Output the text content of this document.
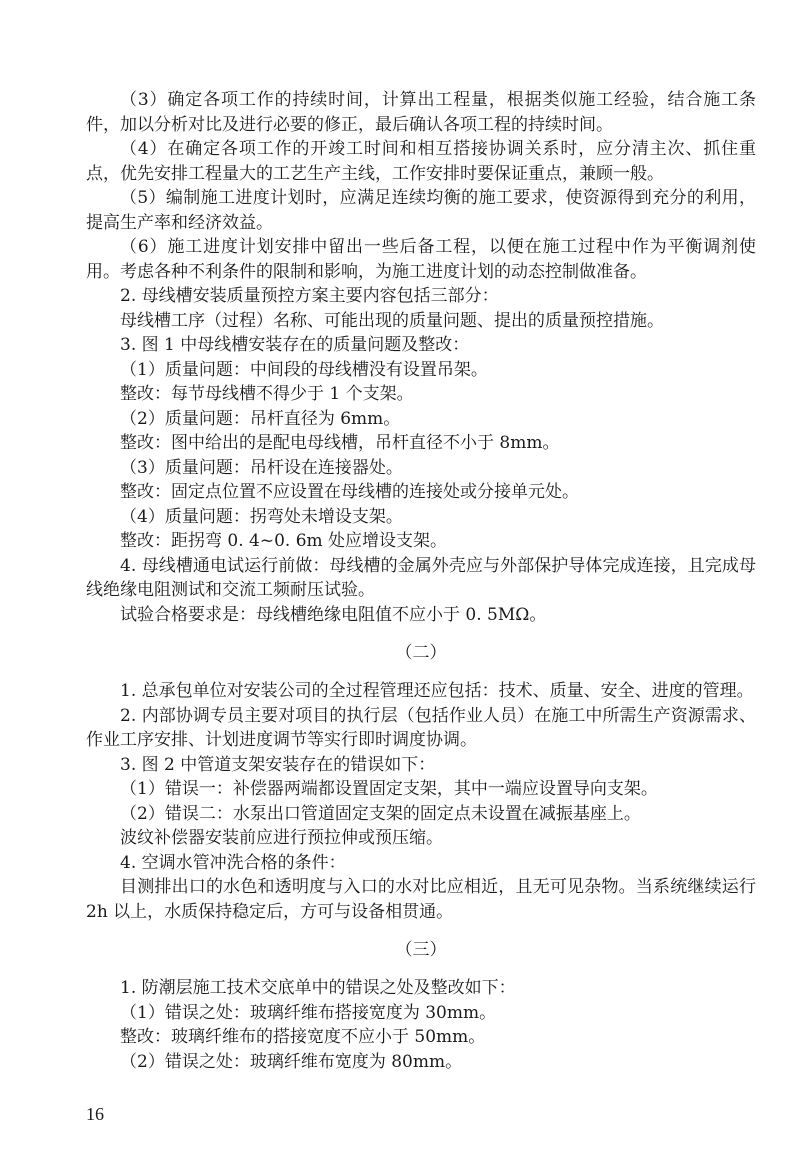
（3）确定各项工作的持续时间，计算出工程量，根据类似施工经验，结合施工条件，加以分析对比及进行必要的修正，最后确认各项工程的持续时间。

（4）在确定各项工作的开竣工时间和相互搭接协调关系时，应分清主次、抓住重点，优先安排工程量大的工艺生产主线，工作安排时要保证重点，兼顾一般。

（5）编制施工进度计划时，应满足连续均衡的施工要求，使资源得到充分的利用，提高生产率和经济效益。

（6）施工进度计划安排中留出一些后备工程，以便在施工过程中作为平衡调剂使用。考虑各种不利条件的限制和影响，为施工进度计划的动态控制做准备。

2. 母线槽安装质量预控方案主要内容包括三部分：

母线槽工序（过程）名称、可能出现的质量问题、提出的质量预控措施。

3. 图 1 中母线槽安装存在的质量问题及整改：

（1）质量问题：中间段的母线槽没有设置吊架。

整改：每节母线槽不得少于 1 个支架。

（2）质量问题：吊杆直径为 6mm。

整改：图中给出的是配电母线槽，吊杆直径不小于 8mm。

（3）质量问题：吊杆设在连接器处。

整改：固定点位置不应设置在母线槽的连接处或分接单元处。

（4）质量问题：拐弯处未增设支架。

整改：距拐弯 0. 4~0. 6m 处应增设支架。

4. 母线槽通电试运行前做：母线槽的金属外壳应与外部保护导体完成连接，且完成母线绝缘电阻测试和交流工频耐压试验。

试验合格要求是：母线槽绝缘电阻值不应小于 0. 5MΩ。

（二）

1. 总承包单位对安装公司的全过程管理还应包括：技术、质量、安全、进度的管理。

2. 内部协调专员主要对项目的执行层（包括作业人员）在施工中所需生产资源需求、作业工序安排、计划进度调节等实行即时调度协调。

3. 图 2 中管道支架安装存在的错误如下：

（1）错误一：补偿器两端都设置固定支架，其中一端应设置导向支架。

（2）错误二：水泵出口管道固定支架的固定点未设置在减振基座上。

波纹补偿器安装前应进行预拉伸或预压缩。

4. 空调水管冲洗合格的条件：

目测排出口的水色和透明度与入口的水对比应相近，且无可见杂物。当系统继续运行 2h 以上，水质保持稳定后，方可与设备相贯通。

（三）

1. 防潮层施工技术交底单中的错误之处及整改如下：

（1）错误之处：玻璃纤维布搭接宽度为 30mm。

整改：玻璃纤维布的搭接宽度不应小于 50mm。

（2）错误之处：玻璃纤维布宽度为 80mm。

16
